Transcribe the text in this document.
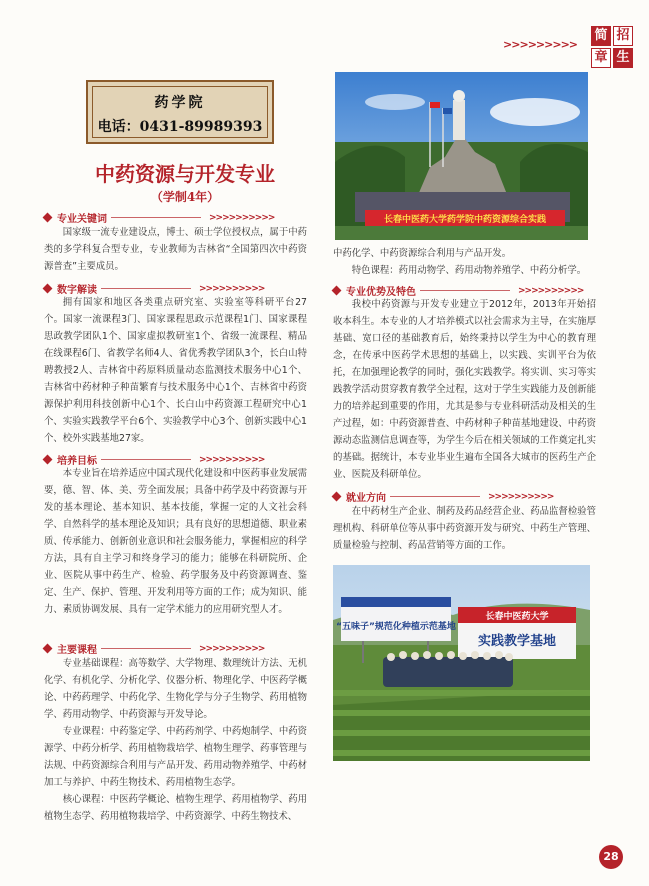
>>>>>>>>>
简 招
章 生
药学院
电话：0431-89989393
中药资源与开发专业
（学制4年）
专业关键词	>>>>>>>>>>

国家级一流专业建设点，博士、硕士学位授权点，属于中药类的多学科复合型专业，专业教师为吉林省“全国第四次中药资源普查”主要成员。

数字解读	>>>>>>>>>>

拥有国家和地区各类重点研究室、实验室等科研平台27个。国家一流课程3门、国家课程思政示范课程1门、国家课程思政教学团队1个、国家虚拟教研室1个、省级一流课程、精品在线课程6门、省教学名师4人、省优秀教学团队3个，长白山特聘教授2人、吉林省中药原料质量动态监测技术服务中心1个、吉林省中药材种子种苗繁育与技术服务中心1个、吉林省中药资源保护利用科技创新中心1个、长白山中药资源工程研究中心1个、实验实践教学平台6个、实验教学中心3个、创新实践中心1个、校外实践基地27家。

培养目标	>>>>>>>>>>

本专业旨在培养适应中国式现代化建设和中医药事业发展需要，德、智、体、美、劳全面发展；具备中药学及中药资源与开发的基本理论、基本知识、基本技能，掌握一定的人文社会科学、自然科学的基本理论及知识；具有良好的思想道德、职业素质、传承能力、创新创业意识和社会服务能力，掌握相应的科学方法，具有自主学习和终身学习的能力；能够在科研院所、企业、医院从事中药生产、检验、药学服务及中药资源调查、鉴定、生产、保护、管理、开发利用等方面的工作；成为知识、能力、素质协调发展、具有一定学术能力的应用研究型人才。

主要课程	>>>>>>>>>>

专业基础课程：高等数学、大学物理、数理统计方法、无机化学、有机化学、分析化学、仪器分析、物理化学、中医药学概论、中药药理学、中药化学、生物化学与分子生物学、药用植物学、药用动物学、中药资源与开发导论。

专业课程：中药鉴定学、中药药剂学、中药炮制学、中药资源学、中药分析学、药用植物栽培学、植物生理学、药事管理与法规、中药资源综合利用与产品开发、药用动物养殖学、中药材加工与养护、中药生物技术、药用植物生态学。

核心课程：中医药学概论、植物生理学、药用植物学、药用植物生态学、药用植物栽培学、中药资源学、中药生物技术、

长春中医药大学药学院中药资源综合实践

中药化学、中药资源综合利用与产品开发。

特色课程：药用动物学、药用动物养殖学、中药分析学。

专业优势及特色	>>>>>>>>>>

我校中药资源与开发专业建立于2012年，2013年开始招收本科生。本专业的人才培养模式以社会需求为主导，在实施厚基础、宽口径的基础教育后，始终秉持以学生为中心的教育理念，在传承中医药学术思想的基础上，以实践、实训平台为依托，在加强理论教学的同时，强化实践教学。将实训、实习等实践教学活动贯穿教育教学全过程，这对于学生实践能力及创新能力的培养起到重要的作用，尤其是参与专业科研活动及相关的生产过程，如：中药资源普查、中药材种子种苗基地建设、中药资源动态监测信息调查等，为学生今后在相关领域的工作奠定扎实的基础。据统计，本专业毕业生遍布全国各大城市的医药生产企业、医院及科研单位。

就业方向	>>>>>>>>>>

在中药材生产企业、制药及药品经营企业、药品监督检验管理机构、科研单位等从事中药资源开发与研究、中药生产管理、质量检验与控制、药品营销等方面的工作。

“五味子”规范化种植示范基地
长春中医药大学
实践教学基地
28
